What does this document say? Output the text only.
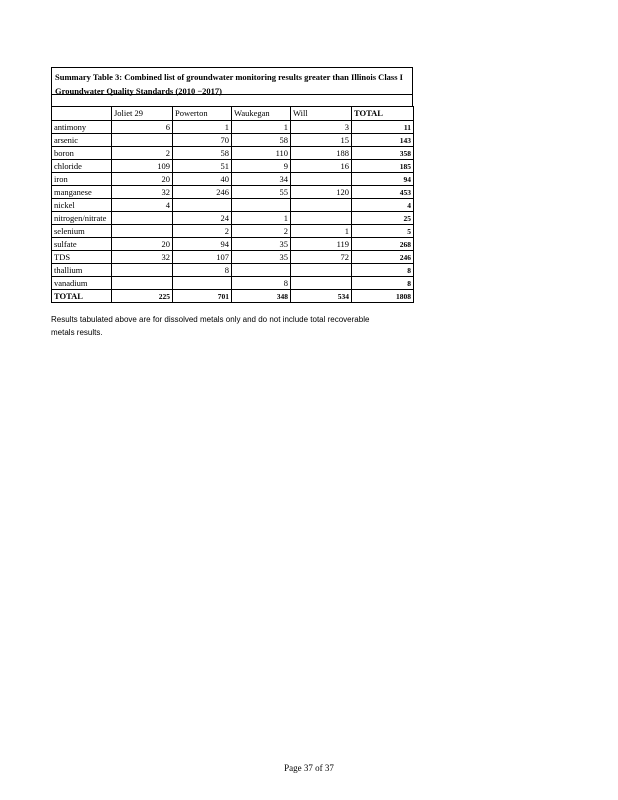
Summary Table 3: Combined list of groundwater monitoring results greater than Illinois Class I Groundwater Quality Standards (2010 −2017)
	Joliet 29	Powerton	Waukegan	Will	TOTAL
antimony	6	1	1	3	11
arsenic		70	58	15	143
boron	2	58	110	188	358
chloride	109	51	9	16	185
iron	20	40	34		94
manganese	32	246	55	120	453
nickel	4				4
nitrogen/nitrate		24	1		25
selenium		2	2	1	5
sulfate	20	94	35	119	268
TDS	32	107	35	72	246
thallium		8			8
vanadium			8		8
TOTAL	225	701	348	534	1808
Results tabulated above are for dissolved metals only and do not include total recoverable metals results.
Page 37 of 37
